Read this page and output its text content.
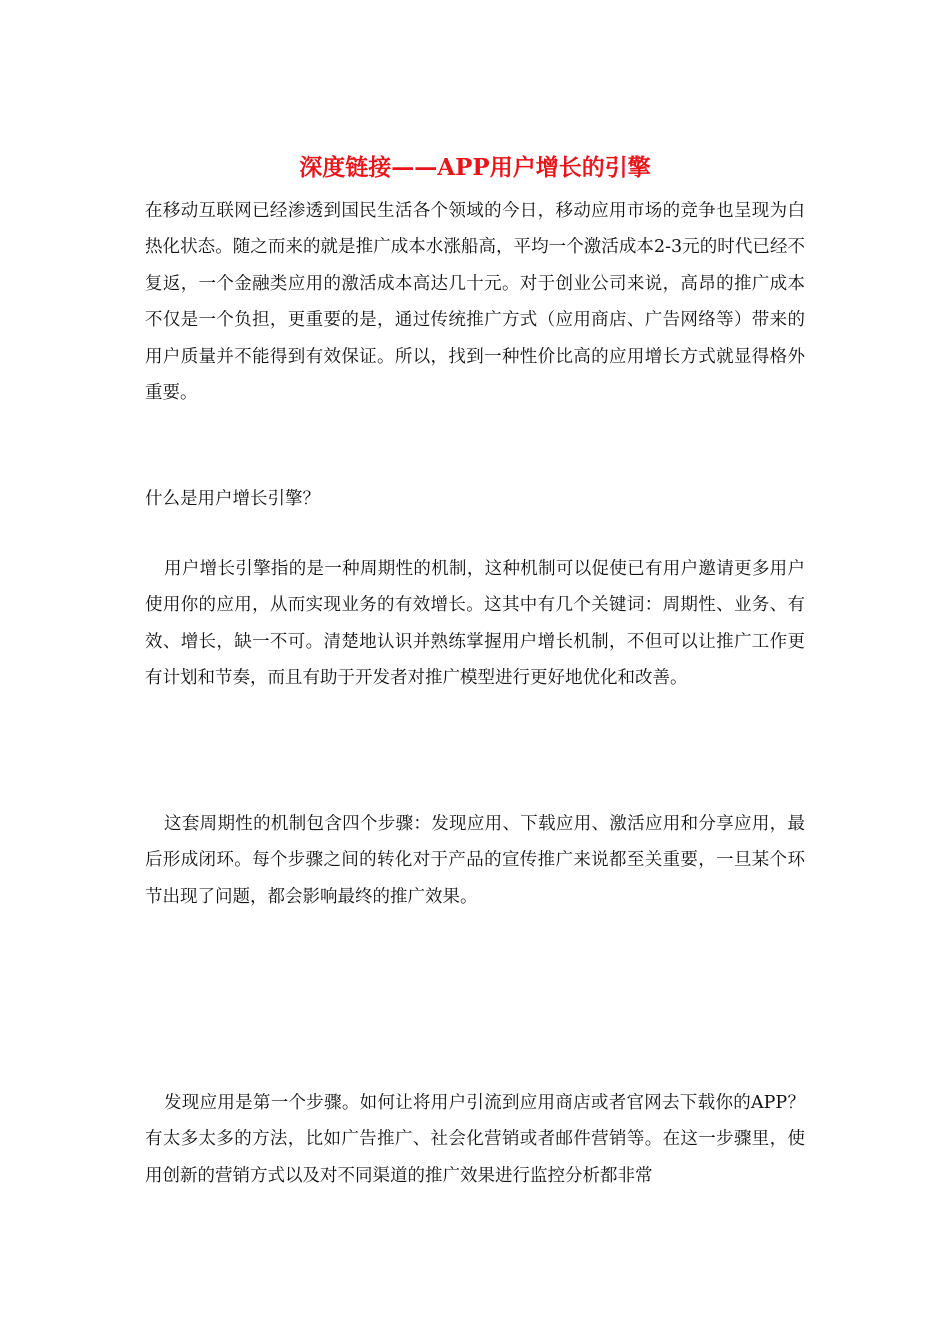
深度链接——APP用户增长的引擎

在移动互联网已经渗透到国民生活各个领域的今日，移动应用市场的竞争也呈现为白热化状态。随之而来的就是推广成本水涨船高，平均一个激活成本2-3元的时代已经不复返，一个金融类应用的激活成本高达几十元。对于创业公司来说，高昂的推广成本不仅是一个负担，更重要的是，通过传统推广方式（应用商店、广告网络等）带来的用户质量并不能得到有效保证。所以，找到一种性价比高的应用增长方式就显得格外重要。

什么是用户增长引擎？

用户增长引擎指的是一种周期性的机制，这种机制可以促使已有用户邀请更多用户使用你的应用，从而实现业务的有效增长。这其中有几个关键词：周期性、业务、有效、增长，缺一不可。清楚地认识并熟练掌握用户增长机制，不但可以让推广工作更有计划和节奏，而且有助于开发者对推广模型进行更好地优化和改善。

这套周期性的机制包含四个步骤：发现应用、下载应用、激活应用和分享应用，最后形成闭环。每个步骤之间的转化对于产品的宣传推广来说都至关重要，一旦某个环节出现了问题，都会影响最终的推广效果。

发现应用是第一个步骤。如何让将用户引流到应用商店或者官网去下载你的APP？有太多太多的方法，比如广告推广、社会化营销或者邮件营销等。在这一步骤里，使用创新的营销方式以及对不同渠道的推广效果进行监控分析都非常
